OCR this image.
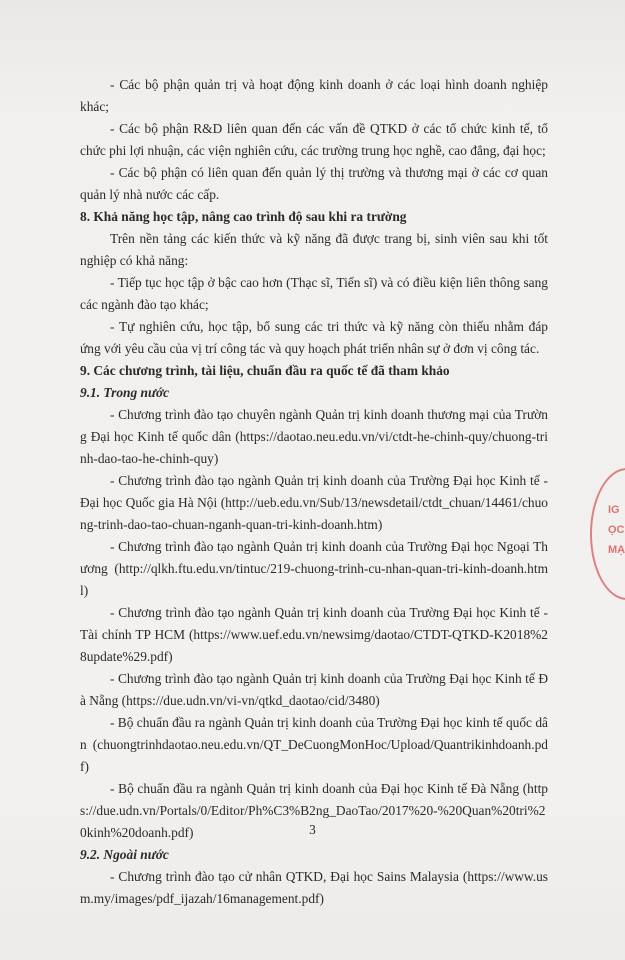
- Các bộ phận quản trị và hoạt động kinh doanh ở các loại hình doanh nghiệp khác;

- Các bộ phận R&D liên quan đến các vấn đề QTKD ở các tổ chức kinh tế, tổ chức phi lợi nhuận, các viện nghiên cứu, các trường trung học nghề, cao đẳng, đại học;

- Các bộ phận có liên quan đến quản lý thị trường và thương mại ở các cơ quan quản lý nhà nước các cấp.

8. Khả năng học tập, nâng cao trình độ sau khi ra trường

Trên nền tảng các kiến thức và kỹ năng đã được trang bị, sinh viên sau khi tốt nghiệp có khả năng:

- Tiếp tục học tập ở bậc cao hơn (Thạc sĩ, Tiến sĩ) và có điều kiện liên thông sang các ngành đào tạo khác;

- Tự nghiên cứu, học tập, bổ sung các tri thức và kỹ năng còn thiếu nhằm đáp ứng với yêu cầu của vị trí công tác và quy hoạch phát triển nhân sự ở đơn vị công tác.

9. Các chương trình, tài liệu, chuẩn đầu ra quốc tế đã tham khảo

9.1. Trong nước

- Chương trình đào tạo chuyên ngành Quản trị kinh doanh thương mại của Trường Đại học Kinh tế quốc dân (https://daotao.neu.edu.vn/vi/ctdt-he-chinh-quy/chuong-trinh-dao-tao-he-chinh-quy)

- Chương trình đào tạo ngành Quản trị kinh doanh của Trường Đại học Kinh tế - Đại học Quốc gia Hà Nội (http://ueb.edu.vn/Sub/13/newsdetail/ctdt_chuan/14461/chuong-trinh-dao-tao-chuan-nganh-quan-tri-kinh-doanh.htm)

- Chương trình đào tạo ngành Quản trị kinh doanh của Trường Đại học Ngoại Thương (http://qlkh.ftu.edu.vn/tintuc/219-chuong-trinh-cu-nhan-quan-tri-kinh-doanh.html)

- Chương trình đào tạo ngành Quản trị kinh doanh của Trường Đại học Kinh tế - Tài chính TP HCM (https://www.uef.edu.vn/newsimg/daotao/CTDT-QTKD-K2018%28update%29.pdf)

- Chương trình đào tạo ngành Quản trị kinh doanh của Trường Đại học Kinh tế Đà Nẵng (https://due.udn.vn/vi-vn/qtkd_daotao/cid/3480)

- Bộ chuẩn đầu ra ngành Quản trị kinh doanh của Trường Đại học kinh tế quốc dân (chuongtrinhdaotao.neu.edu.vn/QT_DeCuongMonHoc/Upload/Quantrikinhdoanh.pdf)

- Bộ chuẩn đầu ra ngành Quản trị kinh doanh của Đại học Kinh tế Đà Nẵng (https://due.udn.vn/Portals/0/Editor/Ph%C3%B2ng_DaoTao/2017%20-%20Quan%20tri%20kinh%20doanh.pdf)

9.2. Ngoài nước

- Chương trình đào tạo cử nhân QTKD, Đại học Sains Malaysia (https://www.usm.my/images/pdf_ijazah/16management.pdf)

3
IG
ỌC
MẠ
